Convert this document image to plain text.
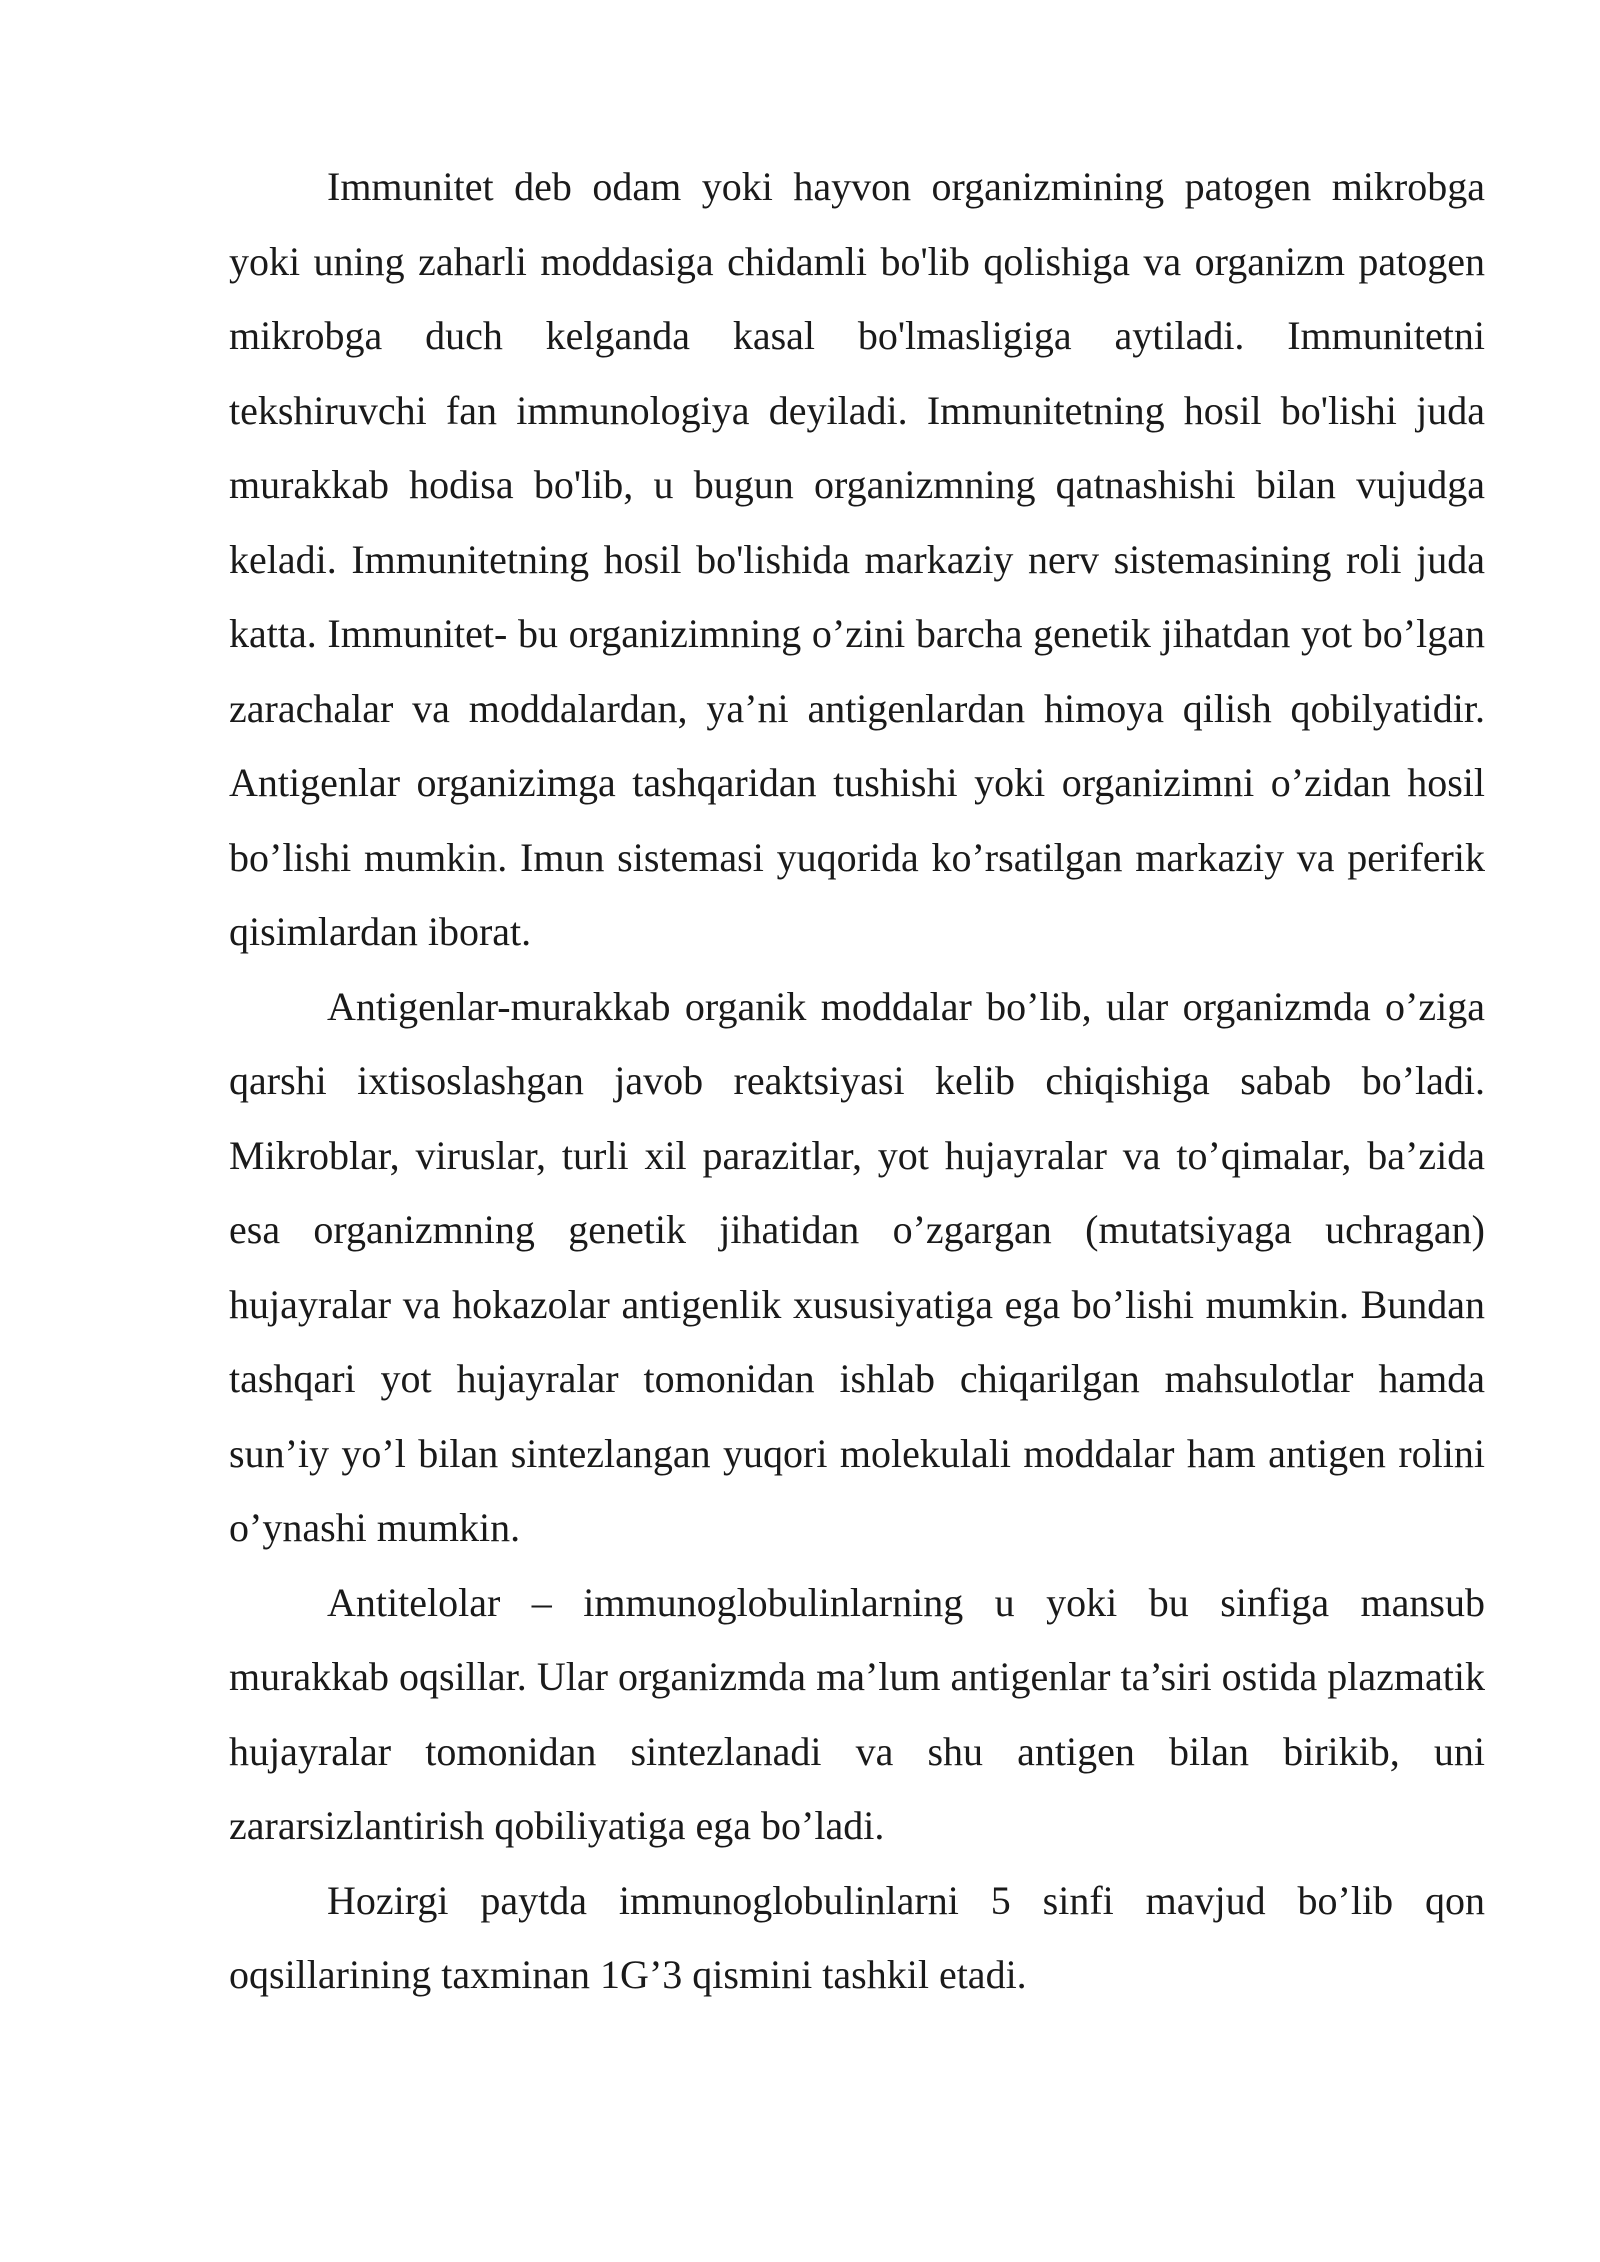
Immunitet deb odam yoki hayvon organizmining patogen mikrobga yoki uning zaharli moddasiga chidamli bo'lib qolishiga va organizm patogen mikrobga duch kelganda kasal bo'lmasligiga aytiladi. Immunitetni tekshiruvchi fan immunologiya deyiladi. Immunitetning hosil bo'lishi juda murakkab hodisa bo'lib, u bugun organizmning qatnashishi bilan vujudga keladi. Immunitetning hosil bo'lishida markaziy nerv sistemasining roli juda katta. Immunitet- bu organizimning o’zini barcha genetik jihatdan yot bo’lgan zarachalar va moddalardan, ya’ni antigenlardan himoya qilish qobilyatidir. Antigenlar organizimga tashqaridan tushishi yoki organizimni o’zidan hosil bo’lishi mumkin. Imun sistemasi yuqorida ko’rsatilgan markaziy va periferik qisimlardan iborat.

Antigenlar-murakkab organik moddalar bo’lib, ular organizmda o’ziga qarshi ixtisoslashgan javob reaktsiyasi kelib chiqishiga sabab bo’ladi. Mikroblar, viruslar, turli xil parazitlar, yot hujayralar va to’qimalar, ba’zida esa organizmning genetik jihatidan o’zgargan (mutatsiyaga uchragan) hujayralar va hokazolar antigenlik xususiyatiga ega bo’lishi mumkin. Bundan tashqari yot hujayralar tomonidan ishlab chiqarilgan mahsulotlar hamda sun’iy yo’l bilan sintezlangan yuqori molekulali moddalar ham antigen rolini o’ynashi mumkin.

Antitelolar – immunoglobulinlarning u yoki bu sinfiga mansub murakkab oqsillar. Ular organizmda ma’lum antigenlar ta’siri ostida plazmatik hujayralar tomonidan sintezlanadi va shu antigen bilan birikib, uni zararsizlantirish qobiliyatiga ega bo’ladi.

Hozirgi paytda immunoglobulinlarni 5 sinfi mavjud bo’lib qon oqsillarining taxminan 1G’3 qismini tashkil etadi.
